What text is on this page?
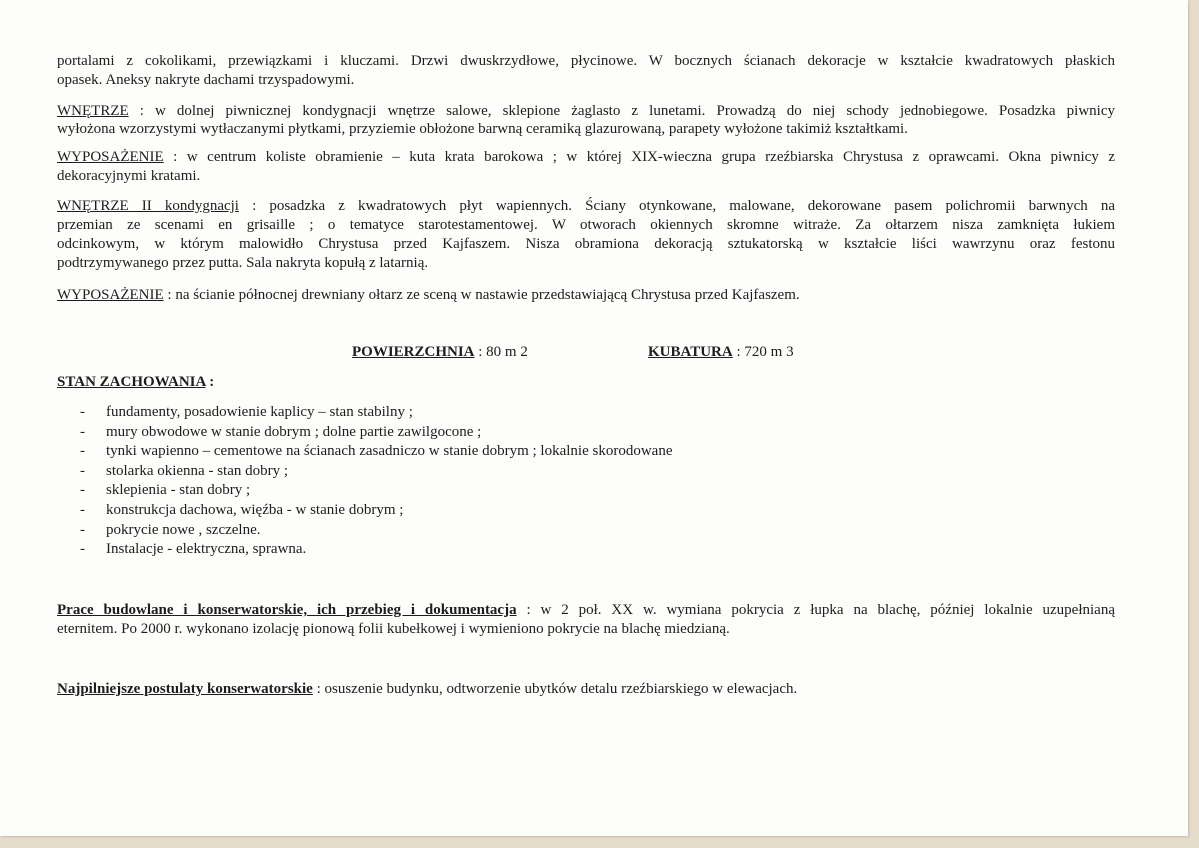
portalami z cokolikami, przewiązkami i kluczami. Drzwi dwuskrzydłowe, płycinowe. W bocznych ścianach dekoracje w kształcie kwadratowych płaskich
opasek. Aneksy nakryte dachami trzyspadowymi.
WNĘTRZE : w dolnej piwnicznej kondygnacji wnętrze salowe, sklepione żaglasto z lunetami. Prowadzą do niej schody jednobiegowe. Posadzka piwnicy
wyłożona wzorzystymi wytłaczanymi płytkami, przyziemie obłożone barwną ceramiką glazurowaną, parapety wyłożone takimiż kształtkami.
WYPOSAŻENIE : w centrum koliste obramienie – kuta krata barokowa ; w której XIX-wieczna grupa rzeźbiarska Chrystusa z oprawcami. Okna piwnicy z
dekoracyjnymi kratami.
WNĘTRZE II kondygnacji : posadzka z kwadratowych płyt wapiennych. Ściany otynkowane, malowane, dekorowane pasem polichromii barwnych na
przemian ze scenami en grisaille ; o tematyce starotestamentowej. W otworach okiennych skromne witraże. Za ołtarzem nisza zamknięta łukiem
odcinkowym, w którym malowidło Chrystusa przed Kajfaszem. Nisza obramiona dekoracją sztukatorską w kształcie liści wawrzynu oraz festonu
podtrzymywanego przez putta. Sala nakryta kopułą z latarnią.
WYPOSAŻENIE : na ścianie północnej drewniany ołtarz ze sceną w nastawie przedstawiającą Chrystusa przed Kajfaszem.
POWIERZCHNIA : 80 m 2	KUBATURA : 720 m 3
STAN ZACHOWANIA :
- fundamenty, posadowienie kaplicy – stan stabilny ;
- mury obwodowe w stanie dobrym ; dolne partie zawilgocone ;
- tynki wapienno – cementowe na ścianach zasadniczo w stanie dobrym ; lokalnie skorodowane
- stolarka okienna - stan dobry ;
- sklepienia - stan dobry ;
- konstrukcja dachowa, więźba - w stanie dobrym ;
- pokrycie nowe , szczelne.
- Instalacje - elektryczna, sprawna.
Prace budowlane i konserwatorskie, ich przebieg i dokumentacja : w 2 poł. XX w. wymiana pokrycia z łupka na blachę, później lokalnie uzupełnianą
eternitem. Po 2000 r. wykonano izolację pionową folii kubełkowej i wymieniono pokrycie na blachę miedzianą.
Najpilniejsze postulaty konserwatorskie : osuszenie budynku, odtworzenie ubytków detalu rzeźbiarskiego w elewacjach.
